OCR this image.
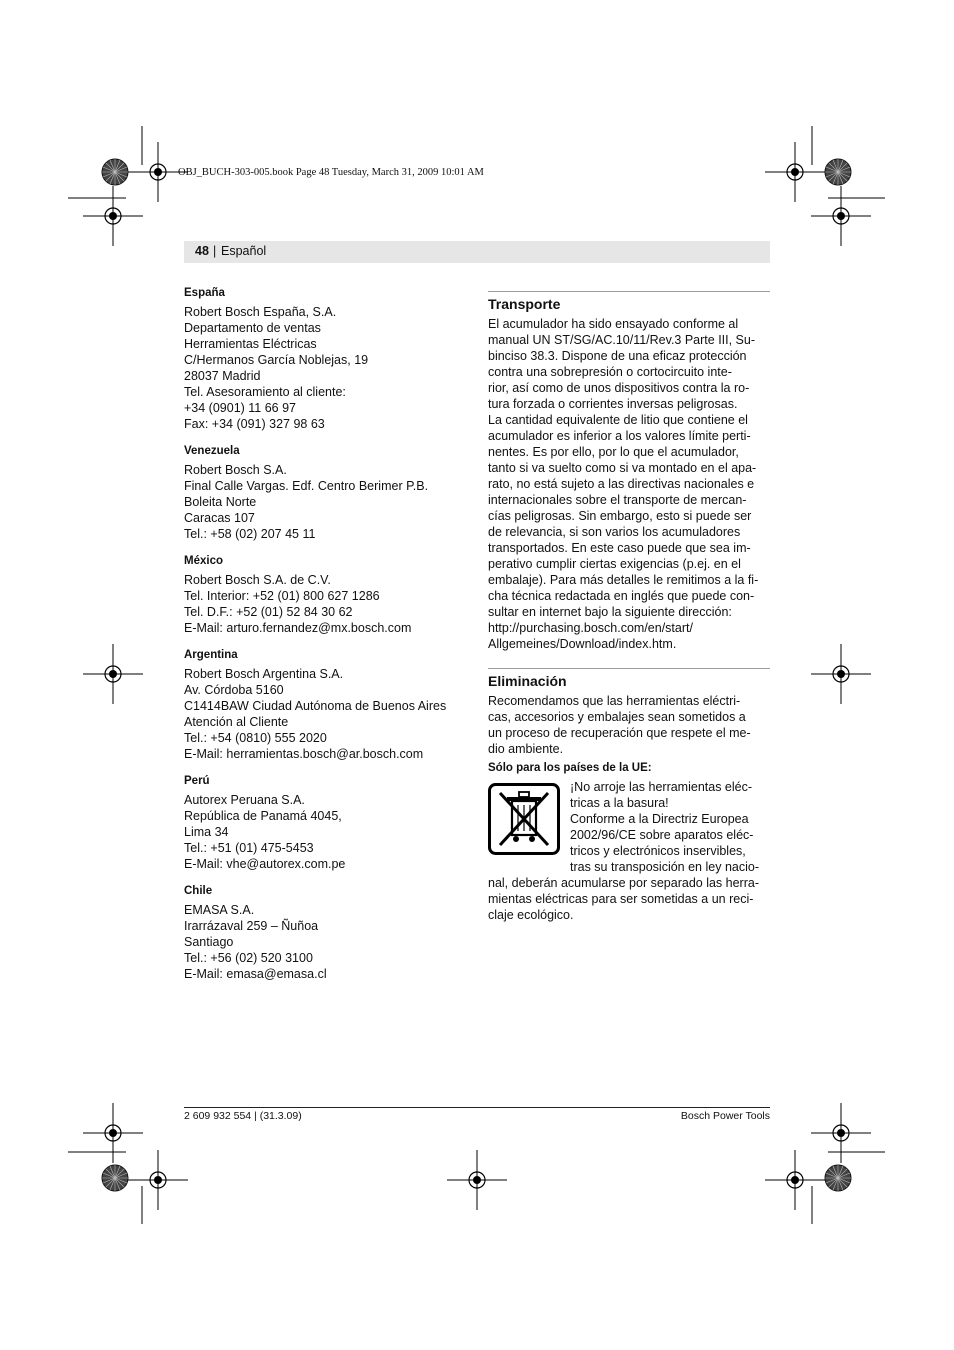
OBJ_BUCH-303-005.book Page 48 Tuesday, March 31, 2009 10:01 AM
48 | Español
España
Robert Bosch España, S.A.
Departamento de ventas
Herramientas Eléctricas
C/Hermanos García Noblejas, 19
28037 Madrid
Tel. Asesoramiento al cliente:
+34 (0901) 11 66 97
Fax: +34 (091) 327 98 63
Venezuela
Robert Bosch S.A.
Final Calle Vargas. Edf. Centro Berimer P.B.
Boleita Norte
Caracas 107
Tel.: +58 (02) 207 45 11
México
Robert Bosch S.A. de C.V.
Tel. Interior: +52 (01) 800 627 1286
Tel. D.F.: +52 (01) 52 84 30 62
E-Mail: arturo.fernandez@mx.bosch.com
Argentina
Robert Bosch Argentina S.A.
Av. Córdoba 5160
C1414BAW Ciudad Autónoma de Buenos Aires
Atención al Cliente
Tel.: +54 (0810) 555 2020
E-Mail: herramientas.bosch@ar.bosch.com
Perú
Autorex Peruana S.A.
República de Panamá 4045,
Lima 34
Tel.: +51 (01) 475-5453
E-Mail: vhe@autorex.com.pe
Chile
EMASA S.A.
Irarrázaval 259 – Ñuñoa
Santiago
Tel.: +56 (02) 520 3100
E-Mail: emasa@emasa.cl
Transporte
El acumulador ha sido ensayado conforme al
manual UN ST/SG/AC.10/11/Rev.3 Parte III, Su-
binciso 38.3. Dispone de una eficaz protección
contra una sobrepresión o cortocircuito inte-
rior, así como de unos dispositivos contra la ro-
tura forzada o corrientes inversas peligrosas.
La cantidad equivalente de litio que contiene el
acumulador es inferior a los valores límite perti-
nentes. Es por ello, por lo que el acumulador,
tanto si va suelto como si va montado en el apa-
rato, no está sujeto a las directivas nacionales e
internacionales sobre el transporte de mercan-
cías peligrosas. Sin embargo, esto si puede ser
de relevancia, si son varios los acumuladores
transportados. En este caso puede que sea im-
perativo cumplir ciertas exigencias (p.ej. en el
embalaje). Para más detalles le remitimos a la fi-
cha técnica redactada en inglés que puede con-
sultar en internet bajo la siguiente dirección:
http://purchasing.bosch.com/en/start/
Allgemeines/Download/index.htm.
Eliminación
Recomendamos que las herramientas eléctri-
cas, accesorios y embalajes sean sometidos a
un proceso de recuperación que respete el me-
dio ambiente.
Sólo para los países de la UE:
¡No arroje las herramientas eléc-
tricas a la basura!
Conforme a la Directriz Europea
2002/96/CE sobre aparatos eléc-
tricos y electrónicos inservibles,
tras su transposición en ley nacio-
nal, deberán acumularse por separado las herra-
mientas eléctricas para ser sometidas a un reci-
claje ecológico.
2 609 932 554 | (31.3.09)	Bosch Power Tools
